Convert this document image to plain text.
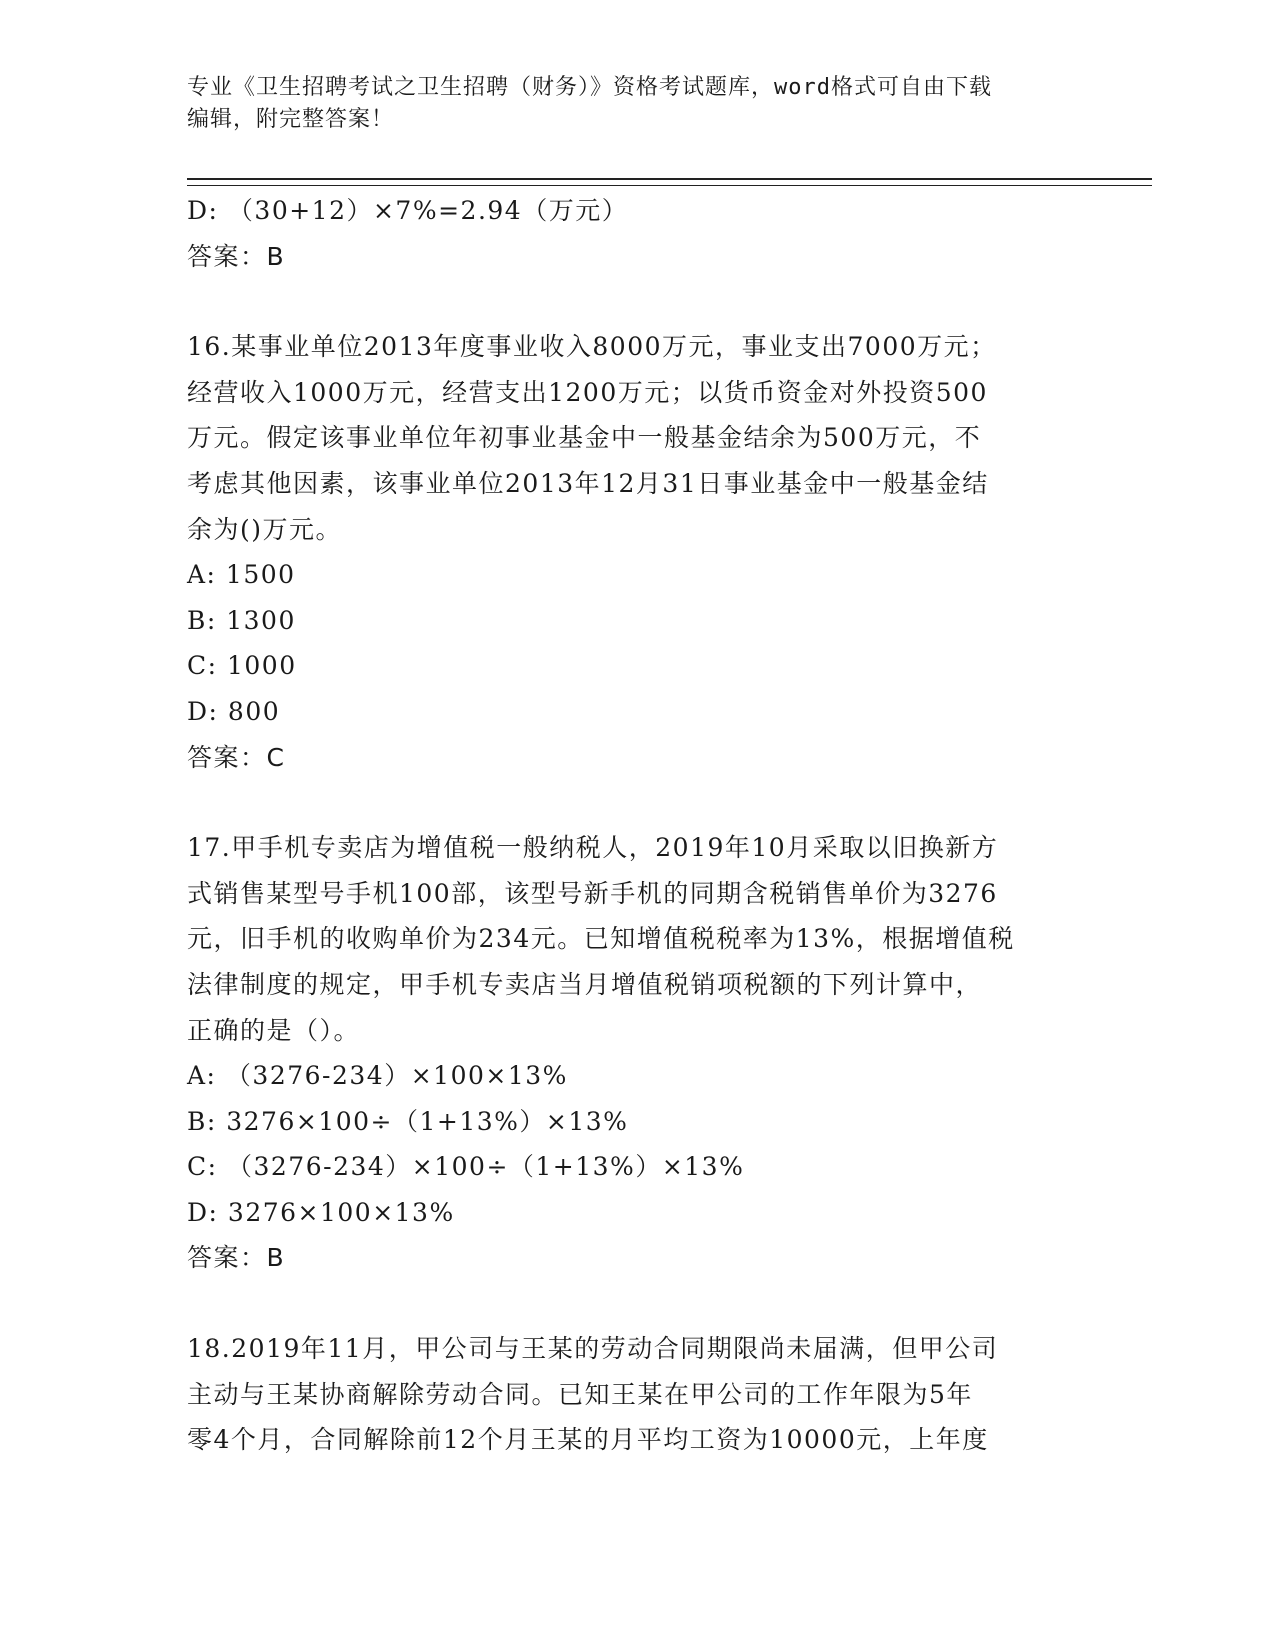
专业《卫生招聘考试之卫生招聘（财务）》资格考试题库，word格式可自由下载
编辑，附完整答案！
D: （30+12）×7%=2.94（万元）
答案：B
16.某事业单位2013年度事业收入8000万元，事业支出7000万元；
经营收入1000万元，经营支出1200万元；以货币资金对外投资500
万元。假定该事业单位年初事业基金中一般基金结余为500万元，不
考虑其他因素，该事业单位2013年12月31日事业基金中一般基金结
余为()万元。
A: 1500
B: 1300
C: 1000
D: 800
答案：C
17.甲手机专卖店为增值税一般纳税人，2019年10月采取以旧换新方
式销售某型号手机100部，该型号新手机的同期含税销售单价为3276
元，旧手机的收购单价为234元。已知增值税税率为13%，根据增值税
法律制度的规定，甲手机专卖店当月增值税销项税额的下列计算中，
正确的是（）。
A: （3276-234）×100×13%
B: 3276×100÷（1+13%）×13%
C: （3276-234）×100÷（1+13%）×13%
D: 3276×100×13%
答案：B
18.2019年11月，甲公司与王某的劳动合同期限尚未届满，但甲公司
主动与王某协商解除劳动合同。已知王某在甲公司的工作年限为5年
零4个月，合同解除前12个月王某的月平均工资为10000元，上年度
